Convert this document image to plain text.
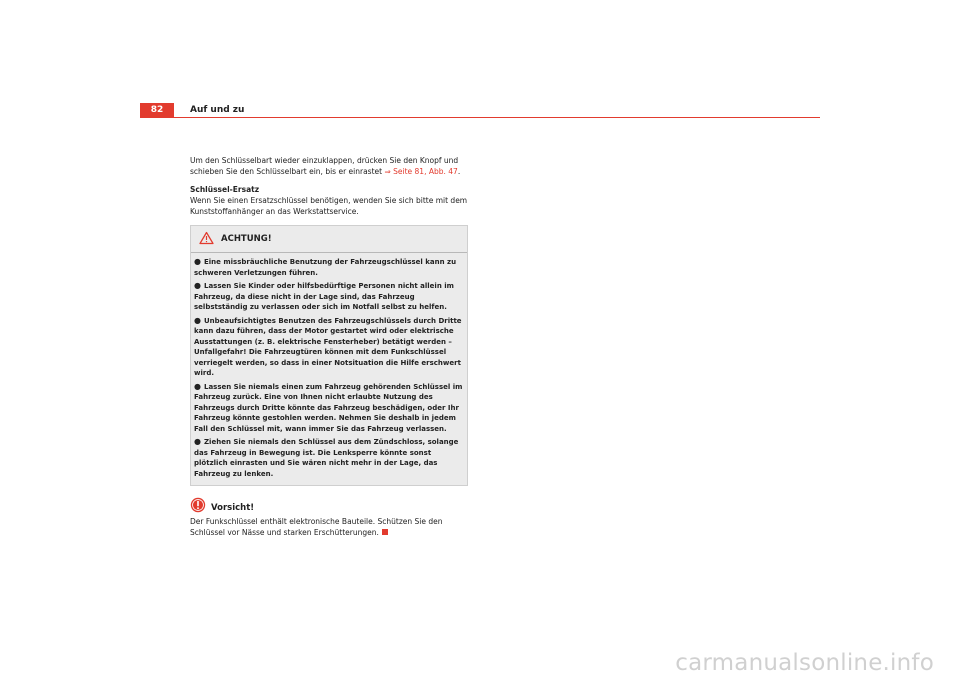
82	Auf und zu

Um den Schlüsselbart wieder einzuklappen, drücken Sie den Knopf und schieben Sie den Schlüsselbart ein, bis er einrastet ⇒ Seite 81, Abb. 47.

Schlüssel-Ersatz

Wenn Sie einen Ersatzschlüssel benötigen, wenden Sie sich bitte mit dem Kunststoffanhänger an das Werkstattservice.

ACHTUNG!

● Eine missbräuchliche Benutzung der Fahrzeugschlüssel kann zu schweren Verletzungen führen.

● Lassen Sie Kinder oder hilfsbedürftige Personen nicht allein im Fahrzeug, da diese nicht in der Lage sind, das Fahrzeug selbstständig zu verlassen oder sich im Notfall selbst zu helfen.

● Unbeaufsichtigtes Benutzen des Fahrzeugschlüssels durch Dritte kann dazu führen, dass der Motor gestartet wird oder elektrische Ausstattungen (z. B. elektrische Fensterheber) betätigt werden – Unfallgefahr! Die Fahrzeugtüren können mit dem Funkschlüssel verriegelt werden, so dass in einer Notsituation die Hilfe erschwert wird.

● Lassen Sie niemals einen zum Fahrzeug gehörenden Schlüssel im Fahrzeug zurück. Eine von Ihnen nicht erlaubte Nutzung des Fahrzeugs durch Dritte könnte das Fahrzeug beschädigen, oder Ihr Fahrzeug könnte gestohlen werden. Nehmen Sie deshalb in jedem Fall den Schlüssel mit, wann immer Sie das Fahrzeug verlassen.

● Ziehen Sie niemals den Schlüssel aus dem Zündschloss, solange das Fahrzeug in Bewegung ist. Die Lenksperre könnte sonst plötzlich einrasten und Sie wären nicht mehr in der Lage, das Fahrzeug zu lenken.

Vorsicht!

Der Funkschlüssel enthält elektronische Bauteile. Schützen Sie den Schlüssel vor Nässe und starken Erschütterungen.

carmanualsonline.info
